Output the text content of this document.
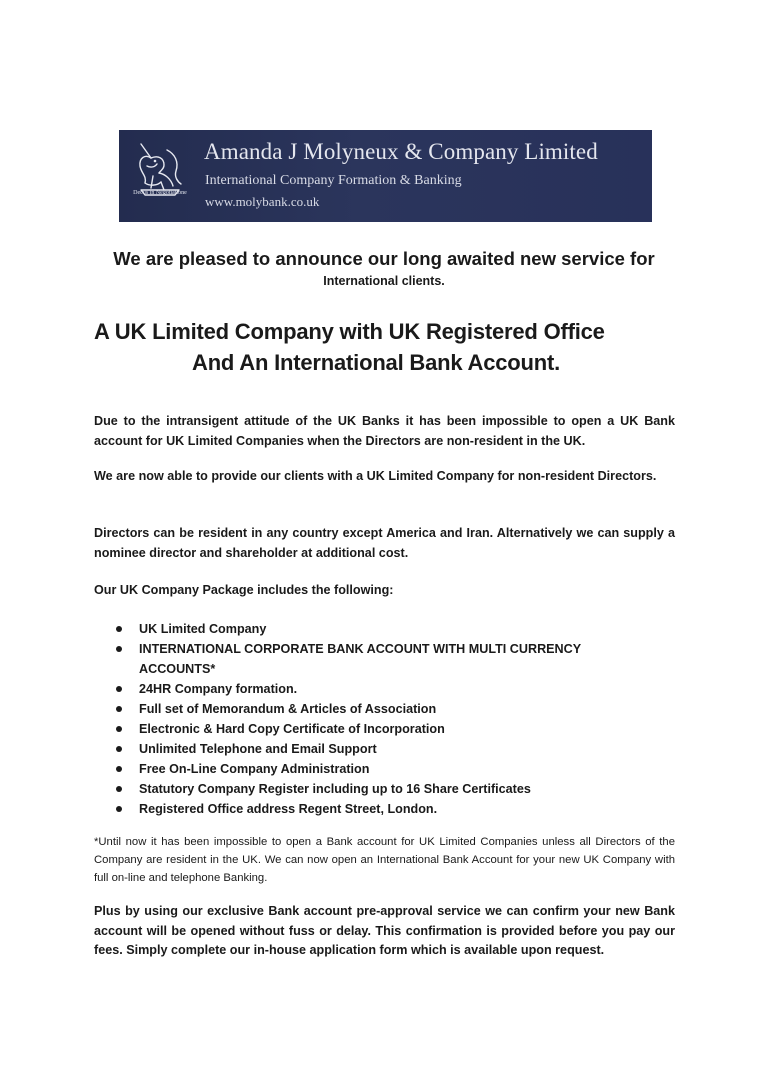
Decus in Negotiatione
Amanda J Molyneux & Company Limited
International Company Formation & Banking
www.molybank.co.uk
We are pleased to announce our long awaited new service for
International clients.
A UK Limited Company with UK Registered Office
And An International Bank Account.

Due to the intransigent attitude of the UK Banks it has been impossible to open a UK Bank account for UK Limited Companies when the Directors are non-resident in the UK.

We are now able to provide our clients with a UK Limited Company for non-resident Directors.

Directors can be resident in any country except America and Iran. Alternatively we can supply a nominee director and shareholder at additional cost.

Our UK Company Package includes the following:

UK Limited Company
INTERNATIONAL CORPORATE BANK ACCOUNT WITH MULTI CURRENCY ACCOUNTS*
24HR Company formation.
Full set of Memorandum & Articles of Association
Electronic & Hard Copy Certificate of Incorporation
Unlimited Telephone and Email Support
Free On-Line Company Administration
Statutory Company Register including up to 16 Share Certificates
Registered Office address Regent Street, London.

*Until now it has been impossible to open a Bank account for UK Limited Companies unless all Directors of the Company are resident in the UK. We can now open an International Bank Account for your new UK Company with full on-line and telephone Banking.

Plus by using our exclusive Bank account pre-approval service we can confirm your new Bank account will be opened without fuss or delay. This confirmation is provided before you pay our fees. Simply complete our in-house application form which is available upon request.
